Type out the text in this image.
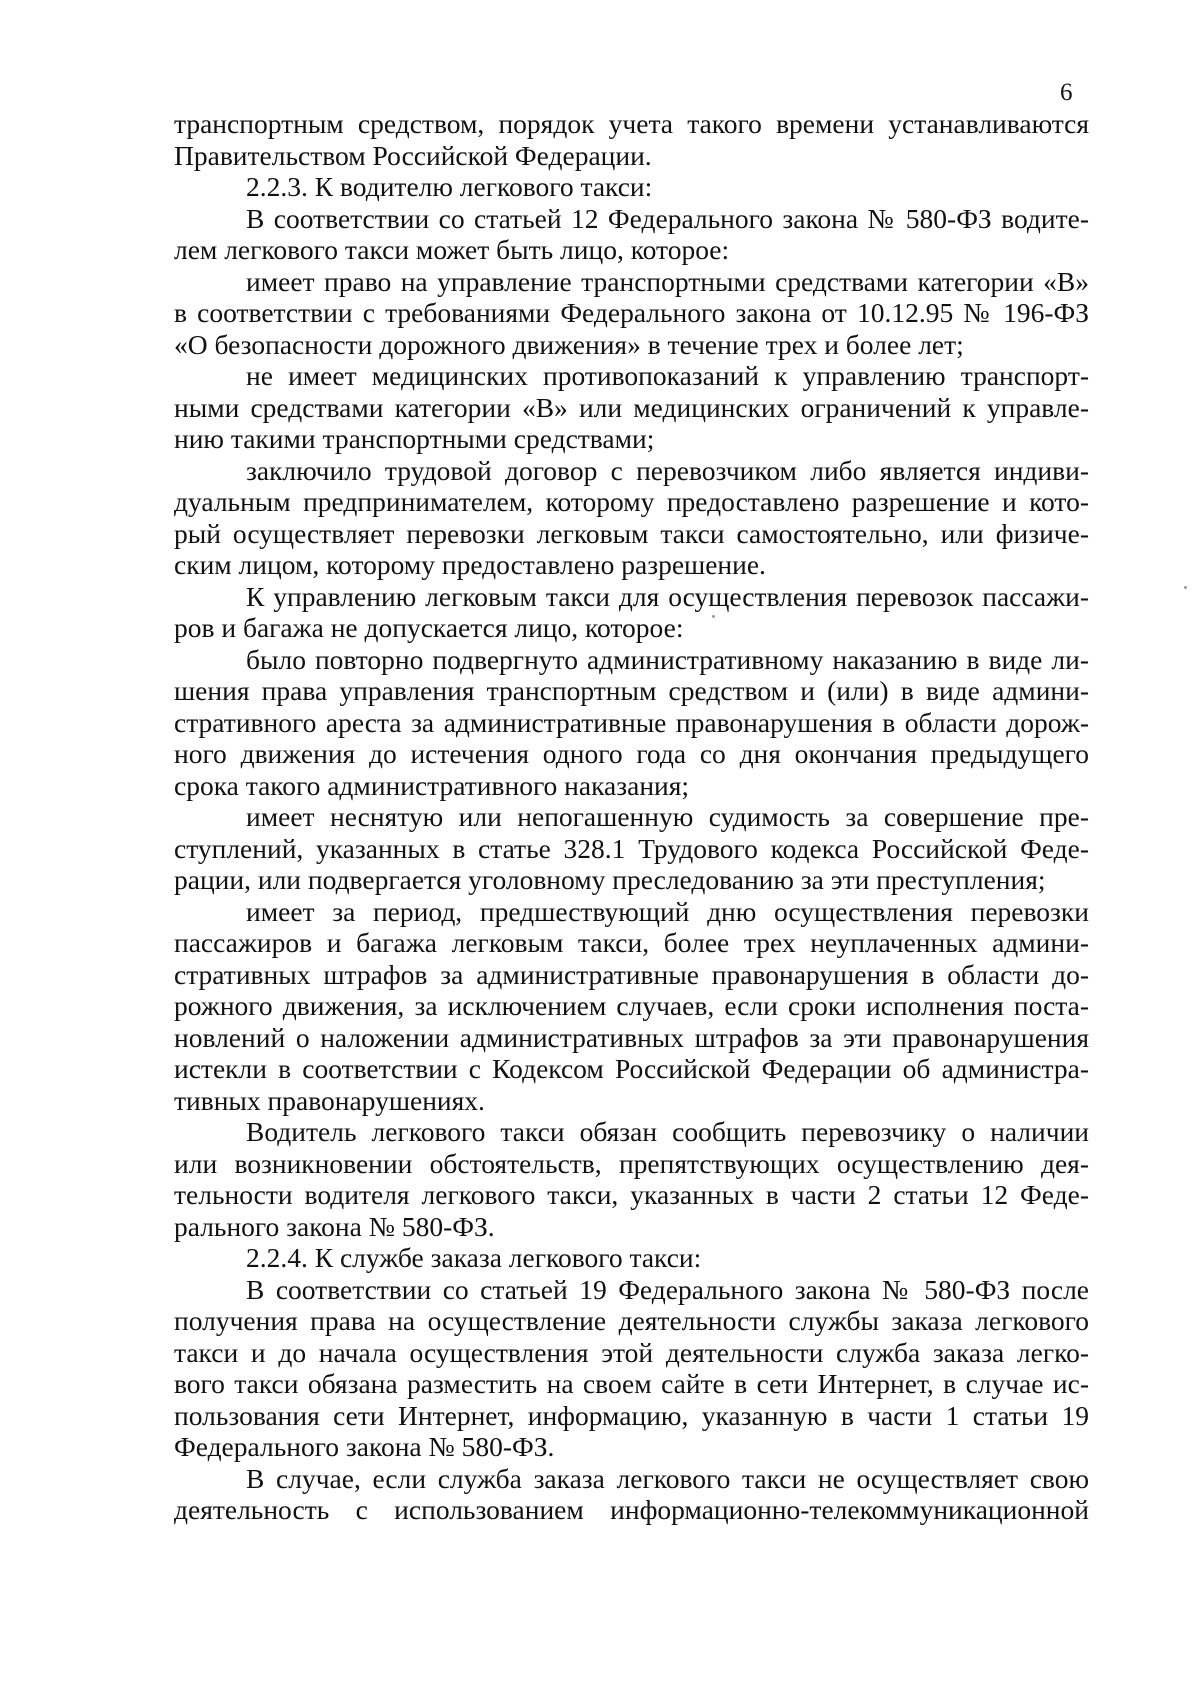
6
транспортным средством, порядок учета такого времени устанавливаются
Правительством Российской Федерации.
2.2.3. К водителю легкового такси:
В соответствии со статьей 12 Федерального закона № 580-ФЗ водите-
лем легкового такси может быть лицо, которое:
имеет право на управление транспортными средствами категории «В»
в соответствии с требованиями Федерального закона от 10.12.95 № 196-ФЗ
«О безопасности дорожного движения» в течение трех и более лет;
не имеет медицинских противопоказаний к управлению транспорт-
ными средствами категории «В» или медицинских ограничений к управле-
нию такими транспортными средствами;
заключило трудовой договор с перевозчиком либо является индиви-
дуальным предпринимателем, которому предоставлено разрешение и кото-
рый осуществляет перевозки легковым такси самостоятельно, или физиче-
ским лицом, которому предоставлено разрешение.
К управлению легковым такси для осуществления перевозок пассажи-
ров и багажа не допускается лицо, которое:
было повторно подвергнуто административному наказанию в виде ли-
шения права управления транспортным средством и (или) в виде админи-
стративного ареста за административные правонарушения в области дорож-
ного движения до истечения одного года со дня окончания предыдущего
срока такого административного наказания;
имеет неснятую или непогашенную судимость за совершение пре-
ступлений, указанных в статье 328.1 Трудового кодекса Российской Феде-
рации, или подвергается уголовному преследованию за эти преступления;
имеет за период, предшествующий дню осуществления перевозки
пассажиров и багажа легковым такси, более трех неуплаченных админи-
стративных штрафов за административные правонарушения в области до-
рожного движения, за исключением случаев, если сроки исполнения поста-
новлений о наложении административных штрафов за эти правонарушения
истекли в соответствии с Кодексом Российской Федерации об администра-
тивных правонарушениях.
Водитель легкового такси обязан сообщить перевозчику о наличии
или возникновении обстоятельств, препятствующих осуществлению дея-
тельности водителя легкового такси, указанных в части 2 статьи 12 Феде-
рального закона № 580-ФЗ.
2.2.4. К службе заказа легкового такси:
В соответствии со статьей 19 Федерального закона № 580-ФЗ после
получения права на осуществление деятельности службы заказа легкового
такси и до начала осуществления этой деятельности служба заказа легко-
вого такси обязана разместить на своем сайте в сети Интернет, в случае ис-
пользования сети Интернет, информацию, указанную в части 1 статьи 19
Федерального закона № 580-ФЗ.
В случае, если служба заказа легкового такси не осуществляет свою
деятельность с использованием информационно-телекоммуникационной
